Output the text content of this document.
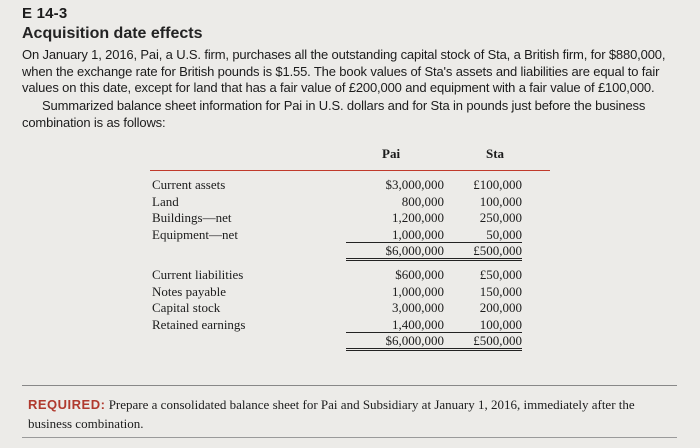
E 14-3
Acquisition date effects
On January 1, 2016, Pai, a U.S. firm, purchases all the outstanding capital stock of Sta, a British firm, for $880,000, when the exchange rate for British pounds is $1.55. The book values of Sta's assets and liabilities are equal to fair values on this date, except for land that has a fair value of £200,000 and equipment with a fair value of £100,000.
Summarized balance sheet information for Pai in U.S. dollars and for Sta in pounds just before the business combination is as follows:
Pai	Sta
Current assets
Land
Buildings—net
Equipment—net
$3,000,000
800,000
1,200,000
1,000,000
$6,000,000
£100,000
100,000
250,000
50,000
£500,000
Current liabilities
Notes payable
Capital stock
Retained earnings
$600,000
1,000,000
3,000,000
1,400,000
$6,000,000
£50,000
150,000
200,000
100,000
£500,000
REQUIRED: Prepare a consolidated balance sheet for Pai and Subsidiary at January 1, 2016, immediately after the business combination.
